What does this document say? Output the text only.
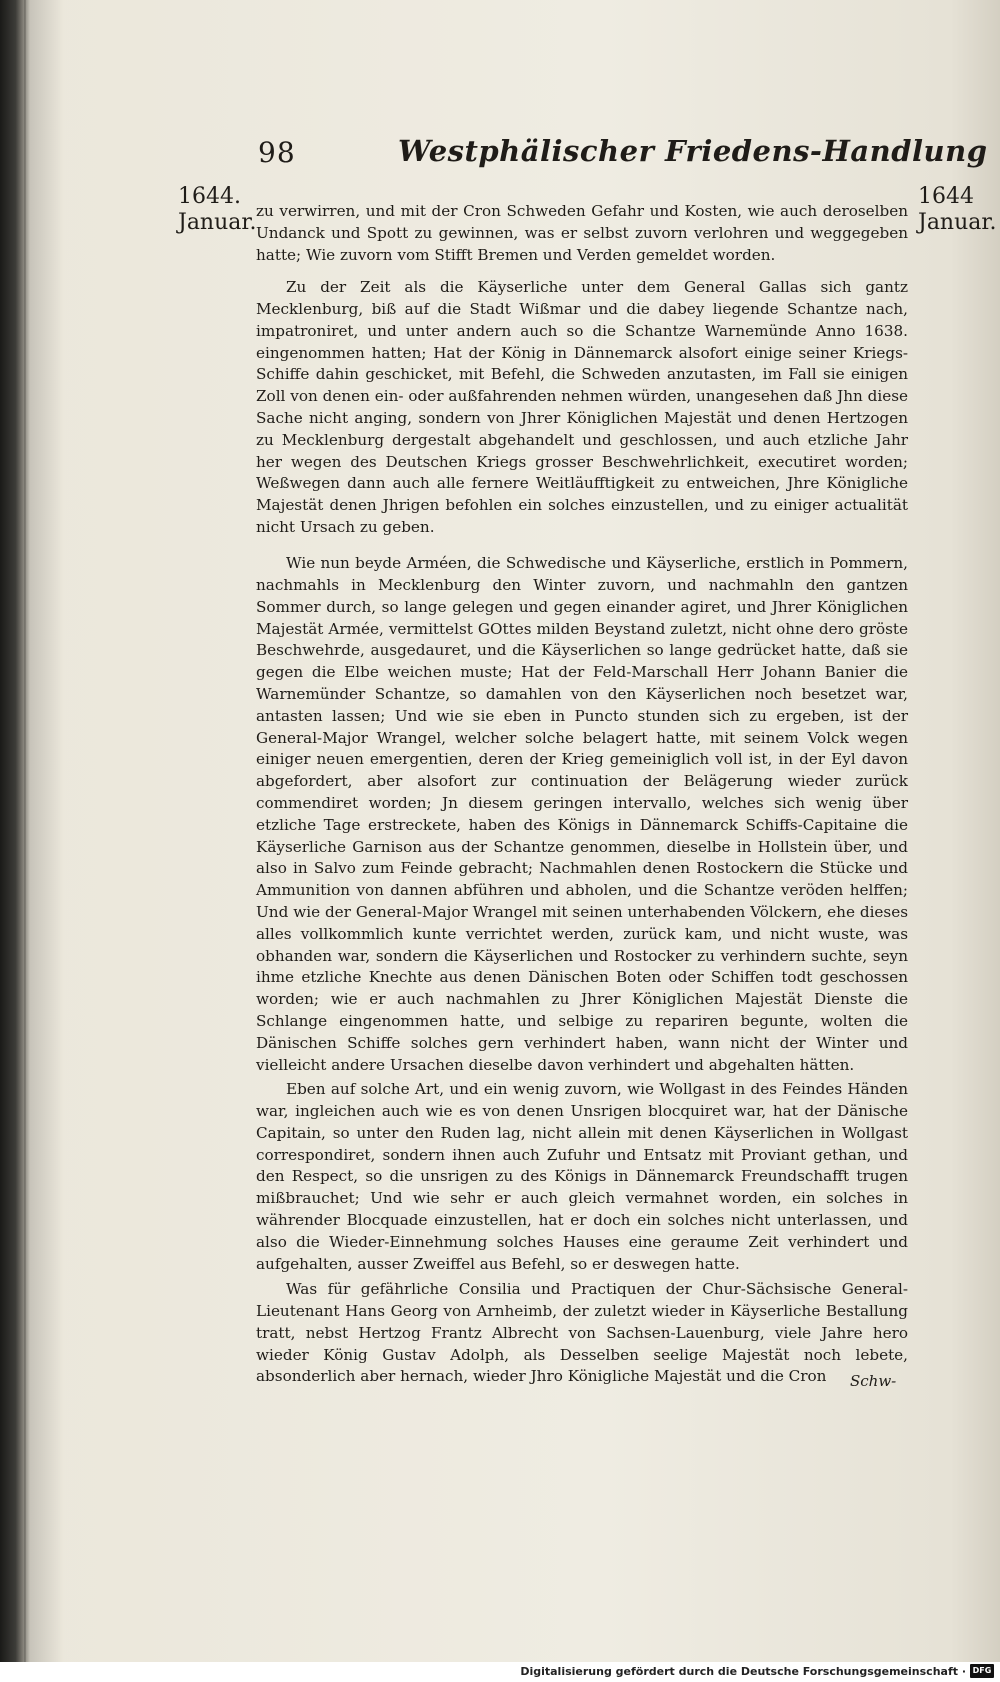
98	Westphälischer Friedens-Handlung
1644.
Januar.
1644
Januar.

zu verwirren, und mit der Cron Schweden Gefahr und Kosten, wie auch deroselben Undanck und Spott zu gewinnen, was er selbst zuvorn verlohren und weggegeben hatte; Wie zuvorn vom Stifft Bremen und Verden gemeldet worden.

Zu der Zeit als die Käyserliche unter dem General Gallas sich gantz Mecklenburg, biß auf die Stadt Wißmar und die dabey liegende Schantze nach, impatroniret, und unter andern auch so die Schantze Warnemünde Anno 1638. eingenommen hatten; Hat der König in Dännemarck alsofort einige seiner Kriegs-Schiffe dahin geschicket, mit Befehl, die Schweden anzutasten, im Fall sie einigen Zoll von denen ein- oder außfahrenden nehmen würden, unangesehen daß Jhn diese Sache nicht anging, sondern von Jhrer Königlichen Majestät und denen Hertzogen zu Mecklenburg dergestalt abgehandelt und geschlossen, und auch etzliche Jahr her wegen des Deutschen Kriegs grosser Beschwehrlichkeit, executiret worden; Weßwegen dann auch alle fernere Weitläufftigkeit zu entweichen, Jhre Königliche Majestät denen Jhrigen befohlen ein solches einzustellen, und zu einiger actualität nicht Ursach zu geben.

Wie nun beyde Arméen, die Schwedische und Käyserliche, erstlich in Pommern, nachmahls in Mecklenburg den Winter zuvorn, und nachmahln den gantzen Sommer durch, so lange gelegen und gegen einander agiret, und Jhrer Königlichen Majestät Armée, vermittelst GOttes milden Beystand zuletzt, nicht ohne dero gröste Beschwehrde, ausgedauret, und die Käyserlichen so lange gedrücket hatte, daß sie gegen die Elbe weichen muste; Hat der Feld-Marschall Herr Johann Banier die Warnemünder Schantze, so damahlen von den Käyserlichen noch besetzet war, antasten lassen; Und wie sie eben in Puncto stunden sich zu ergeben, ist der General-Major Wrangel, welcher solche belagert hatte, mit seinem Volck wegen einiger neuen emergentien, deren der Krieg gemeiniglich voll ist, in der Eyl davon abgefordert, aber alsofort zur continuation der Belägerung wieder zurück commendiret worden; Jn diesem geringen intervallo, welches sich wenig über etzliche Tage erstreckete, haben des Königs in Dännemarck Schiffs-Capitaine die Käyserliche Garnison aus der Schantze genommen, dieselbe in Hollstein über, und also in Salvo zum Feinde gebracht; Nachmahlen denen Rostockern die Stücke und Ammunition von dannen abführen und abholen, und die Schantze veröden helffen; Und wie der General-Major Wrangel mit seinen unterhabenden Völckern, ehe dieses alles vollkommlich kunte verrichtet werden, zurück kam, und nicht wuste, was obhanden war, sondern die Käyserlichen und Rostocker zu verhindern suchte, seyn ihme etzliche Knechte aus denen Dänischen Boten oder Schiffen todt geschossen worden; wie er auch nachmahlen zu Jhrer Königlichen Majestät Dienste die Schlange eingenommen hatte, und selbige zu repariren begunte, wolten die Dänischen Schiffe solches gern verhindert haben, wann nicht der Winter und vielleicht andere Ursachen dieselbe davon verhindert und abgehalten hätten.

Eben auf solche Art, und ein wenig zuvorn, wie Wollgast in des Feindes Händen war, ingleichen auch wie es von denen Unsrigen blocquiret war, hat der Dänische Capitain, so unter den Ruden lag, nicht allein mit denen Käyserlichen in Wollgast correspondiret, sondern ihnen auch Zufuhr und Entsatz mit Proviant gethan, und den Respect, so die unsrigen zu des Königs in Dännemarck Freundschafft trugen mißbrauchet; Und wie sehr er auch gleich vermahnet worden, ein solches in währender Blocquade einzustellen, hat er doch ein solches nicht unterlassen, und also die Wieder-Einnehmung solches Hauses eine geraume Zeit verhindert und aufgehalten, ausser Zweiffel aus Befehl, so er deswegen hatte.

Was für gefährliche Consilia und Practiquen der Chur-Sächsische General-Lieutenant Hans Georg von Arnheimb, der zuletzt wieder in Käyserliche Bestallung tratt, nebst Hertzog Frantz Albrecht von Sachsen-Lauenburg, viele Jahre hero wieder König Gustav Adolph, als Desselben seelige Majestät noch lebete, absonderlich aber hernach, wieder Jhro Königliche Majestät und die Cron	Schw-
Digitalisierung gefördert durch die Deutsche Forschungsgemeinschaft · DFG
